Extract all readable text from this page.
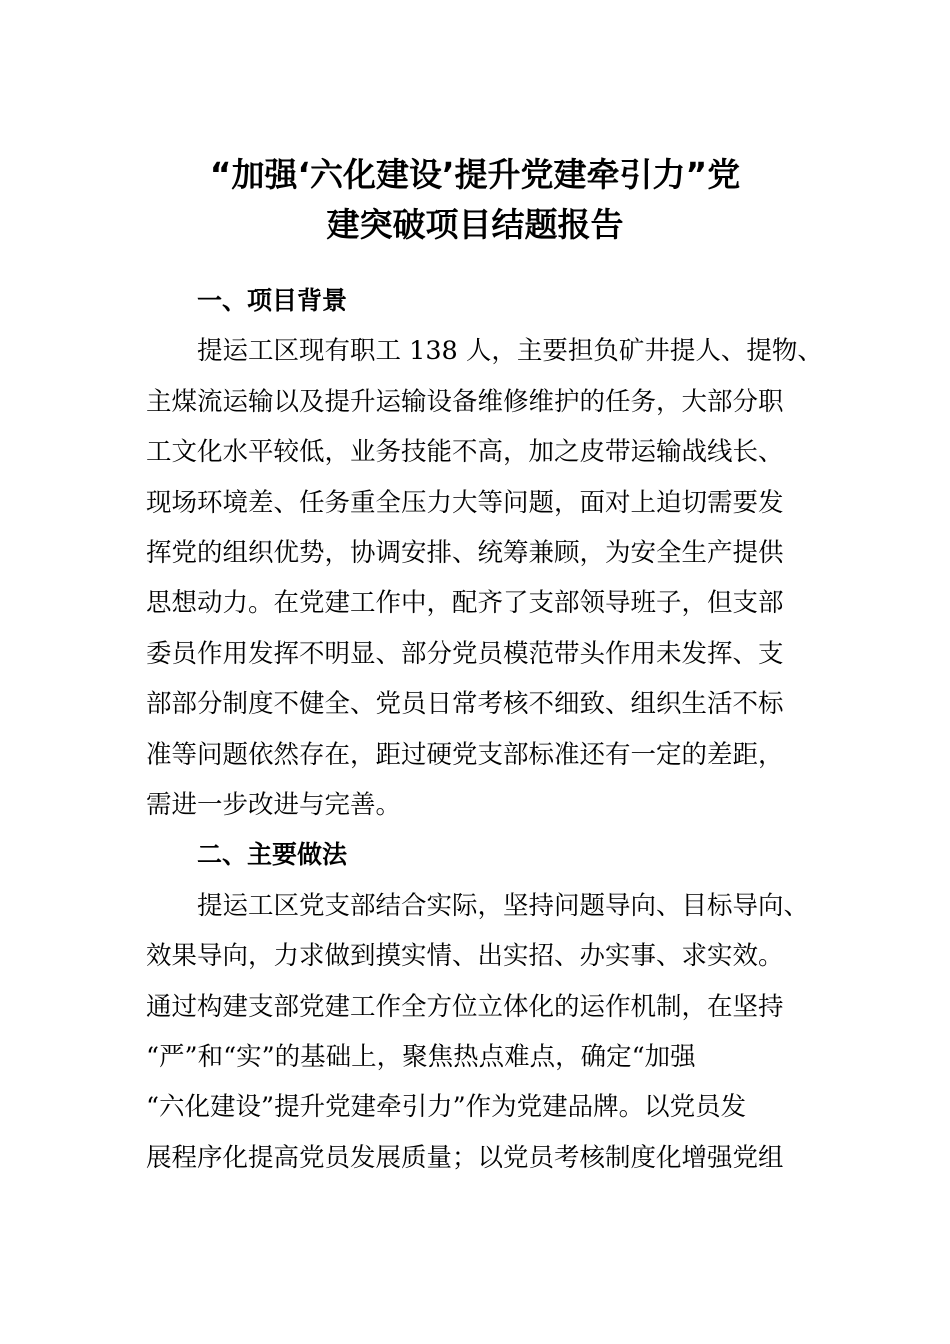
“加强‘六化建设’提升党建牵引力”党
建突破项目结题报告
一、项目背景
提运工区现有职工 138 人，主要担负矿井提人、提物、
主煤流运输以及提升运输设备维修维护的任务，大部分职
工文化水平较低，业务技能不高，加之皮带运输战线长、
现场环境差、任务重全压力大等问题，面对上迫切需要发
挥党的组织优势，协调安排、统筹兼顾，为安全生产提供
思想动力。在党建工作中，配齐了支部领导班子，但支部
委员作用发挥不明显、部分党员模范带头作用未发挥、支
部部分制度不健全、党员日常考核不细致、组织生活不标
准等问题依然存在，距过硬党支部标准还有一定的差距，
需进一步改进与完善。
二、主要做法
提运工区党支部结合实际，坚持问题导向、目标导向、
效果导向，力求做到摸实情、出实招、办实事、求实效。
通过构建支部党建工作全方位立体化的运作机制，在坚持
“严”和“实”的基础上，聚焦热点难点，确定“加强
“六化建设”提升党建牵引力”作为党建品牌。以党员发
展程序化提高党员发展质量；以党员考核制度化增强党组
